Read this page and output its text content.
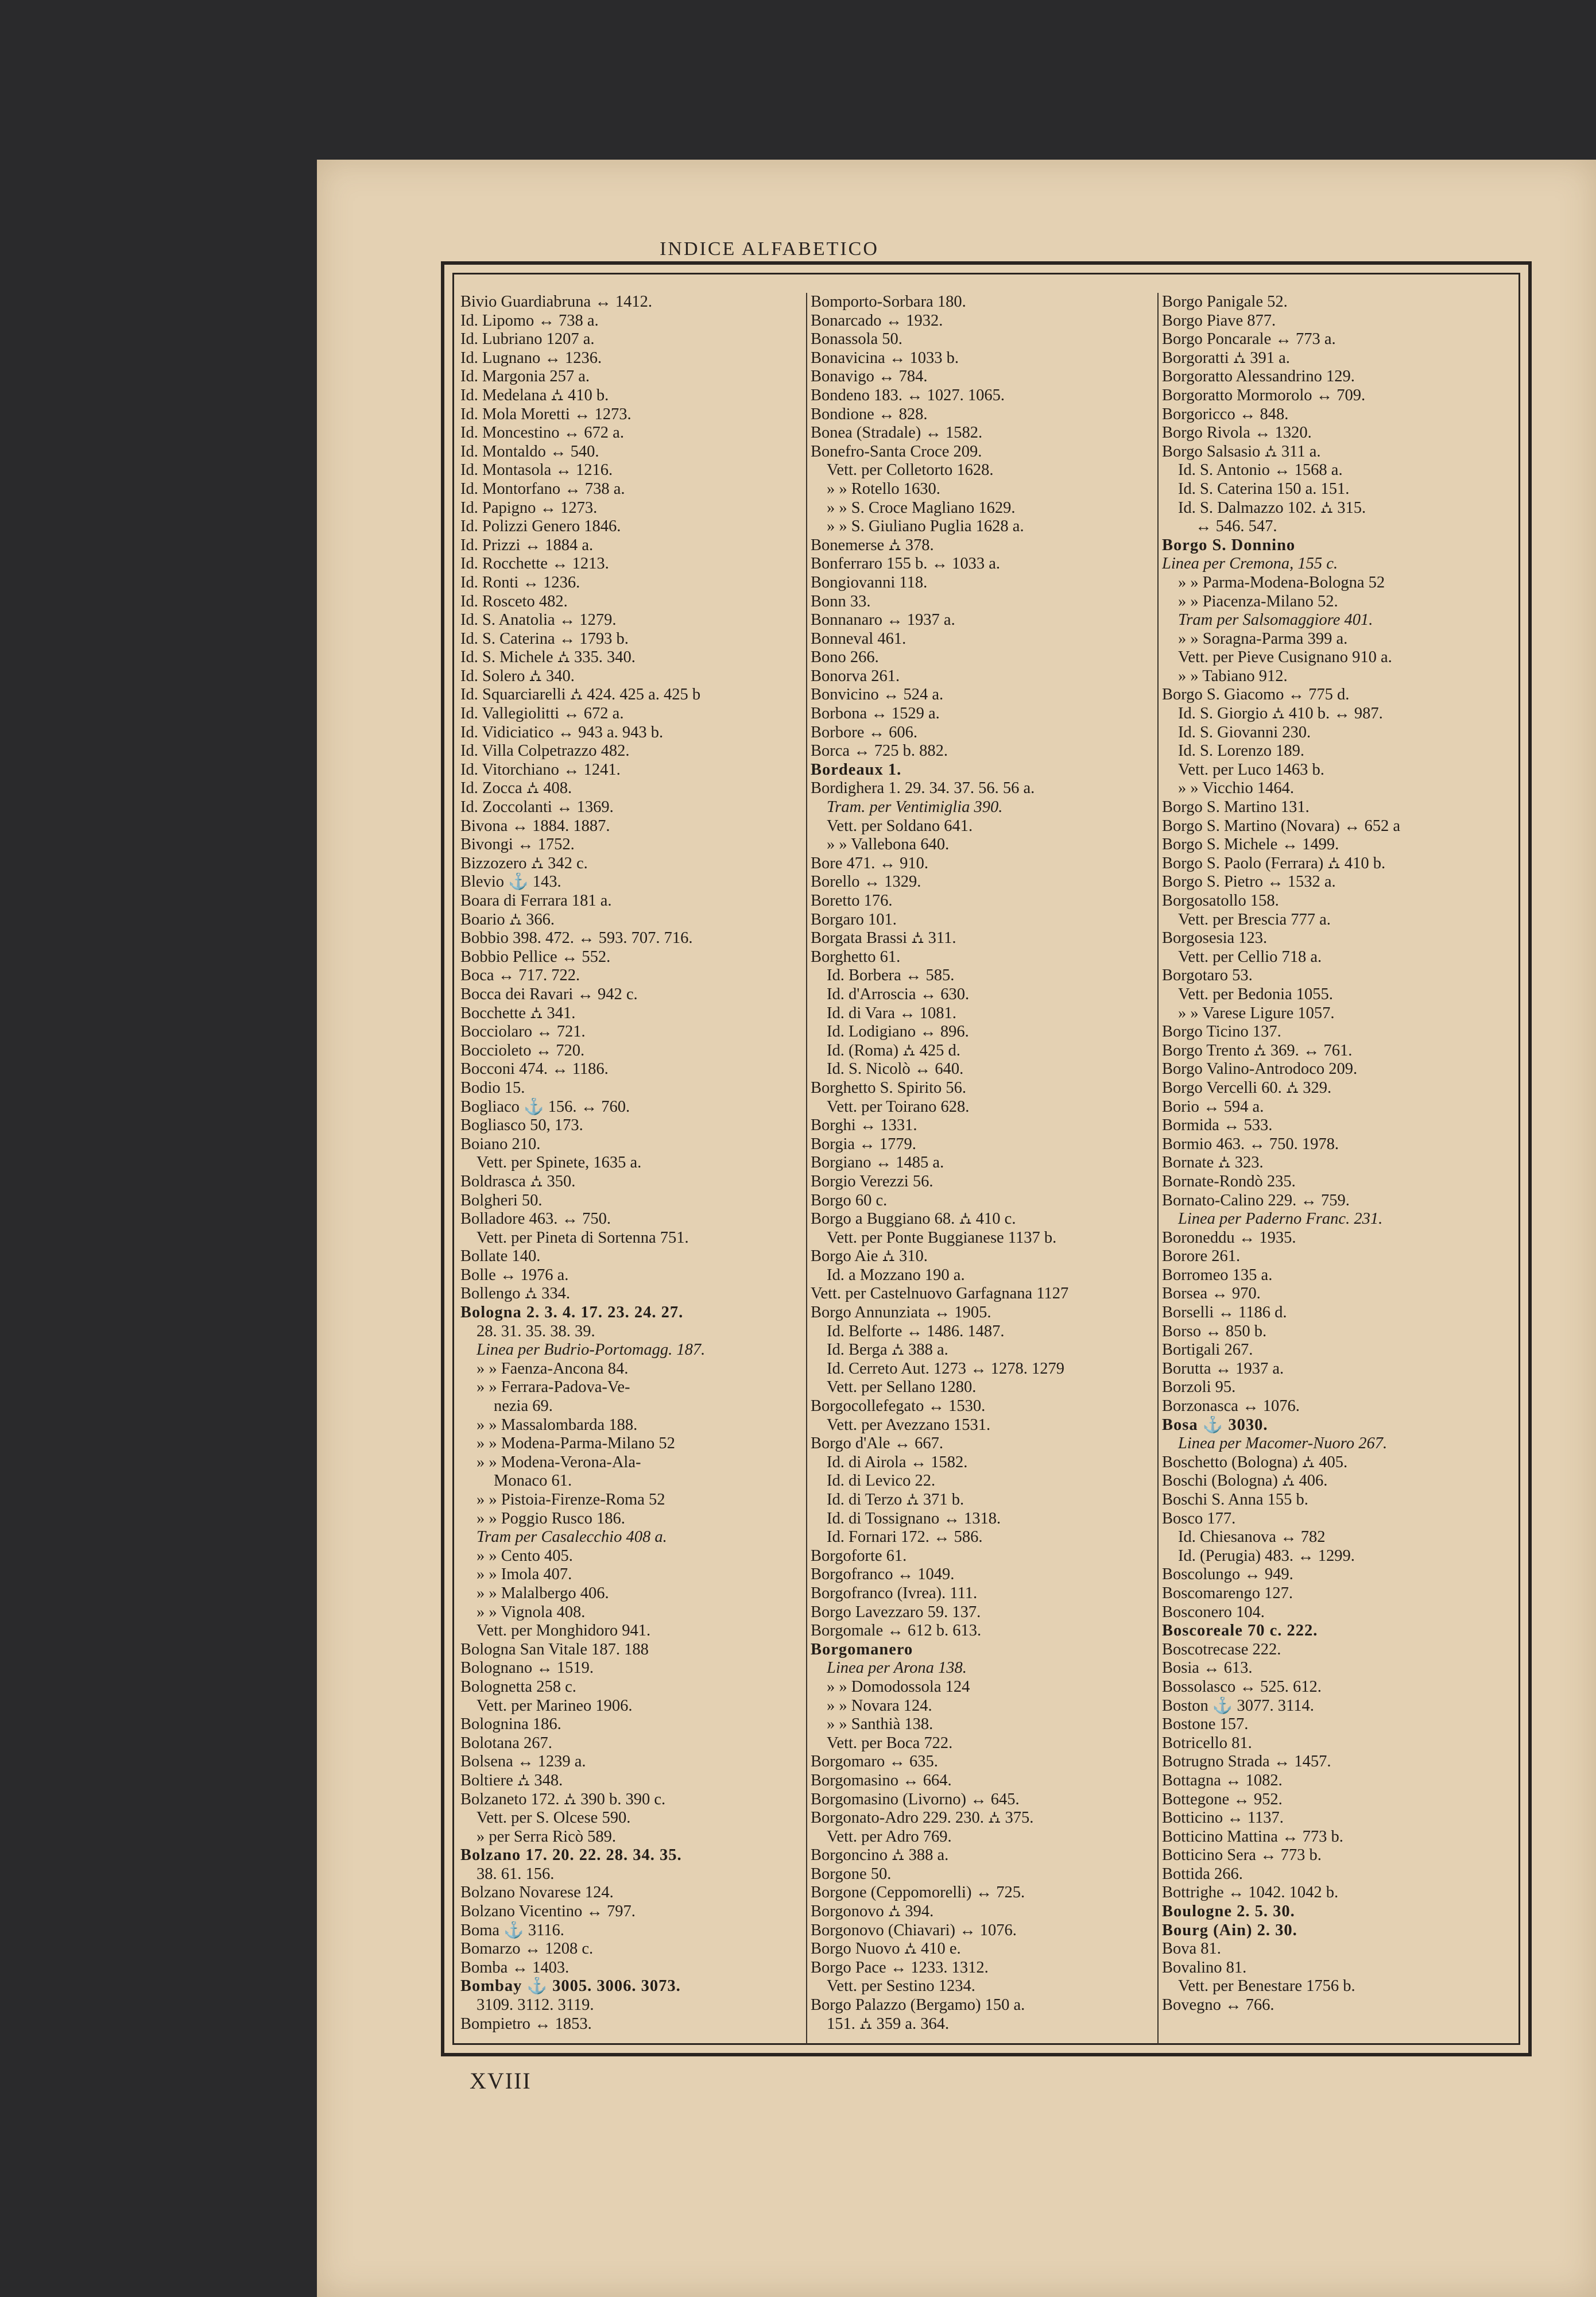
INDICE ALFABETICO
Bivio Guardiabruna ↔ 1412.
Id. Lipomo ↔ 738 a.
Id. Lubriano 1207 a.
Id. Lugnano ↔ 1236.
Id. Margonia 257 a.
Id. Medelana ⛼ 410 b.
Id. Mola Moretti ↔ 1273.
Id. Moncestino ↔ 672 a.
Id. Montaldo ↔ 540.
Id. Montasola ↔ 1216.
Id. Montorfano ↔ 738 a.
Id. Papigno ↔ 1273.
Id. Polizzi Genero 1846.
Id. Prizzi ↔ 1884 a.
Id. Rocchette ↔ 1213.
Id. Ronti ↔ 1236.
Id. Rosceto 482.
Id. S. Anatolia ↔ 1279.
Id. S. Caterina ↔ 1793 b.
Id. S. Michele ⛼ 335. 340.
Id. Solero ⛼ 340.
Id. Squarciarelli ⛼ 424. 425 a. 425 b
Id. Vallegiolitti ↔ 672 a.
Id. Vidiciatico ↔ 943 a. 943 b.
Id. Villa Colpetrazzo 482.
Id. Vitorchiano ↔ 1241.
Id. Zocca ⛼ 408.
Id. Zoccolanti ↔ 1369.
Bivona ↔ 1884. 1887.
Bivongi ↔ 1752.
Bizzozero ⛼ 342 c.
Blevio ⚓ 143.
Boara di Ferrara 181 a.
Boario ⛼ 366.
Bobbio 398. 472. ↔ 593. 707. 716.
Bobbio Pellice ↔ 552.
Boca ↔ 717. 722.
Bocca dei Ravari ↔ 942 c.
Bocchette ⛼ 341.
Bocciolaro ↔ 721.
Boccioleto ↔ 720.
Bocconi 474. ↔ 1186.
Bodio 15.
Bogliaco ⚓ 156. ↔ 760.
Bogliasco 50, 173.
Boiano 210.
Vett. per Spinete, 1635 a.
Boldrasca ⛼ 350.
Bolgheri 50.
Bolladore 463. ↔ 750.
Vett. per Pineta di Sortenna 751.
Bollate 140.
Bolle ↔ 1976 a.
Bollengo ⛼ 334.
Bologna 2. 3. 4. 17. 23. 24. 27.
28. 31. 35. 38. 39.
Linea per Budrio-Portomagg. 187.
» » Faenza-Ancona 84.
» » Ferrara-Padova-Ve-
nezia 69.
» » Massalombarda 188.
» » Modena-Parma-Milano 52
» » Modena-Verona-Ala-
Monaco 61.
» » Pistoia-Firenze-Roma 52
» » Poggio Rusco 186.
Tram per Casalecchio 408 a.
» » Cento 405.
» » Imola 407.
» » Malalbergo 406.
» » Vignola 408.
Vett. per Monghidoro 941.
Bologna San Vitale 187. 188
Bolognano ↔ 1519.
Bolognetta 258 c.
Vett. per Marineo 1906.
Bolognina 186.
Bolotana 267.
Bolsena ↔ 1239 a.
Boltiere ⛼ 348.
Bolzaneto 172. ⛼ 390 b. 390 c.
Vett. per S. Olcese 590.
» per Serra Ricò 589.
Bolzano 17. 20. 22. 28. 34. 35.
38. 61. 156.
Bolzano Novarese 124.
Bolzano Vicentino ↔ 797.
Boma ⚓ 3116.
Bomarzo ↔ 1208 c.
Bomba ↔ 1403.
Bombay ⚓ 3005. 3006. 3073.
3109. 3112. 3119.
Bompietro ↔ 1853.
Bomporto-Sorbara 180.
Bonarcado ↔ 1932.
Bonassola 50.
Bonavicina ↔ 1033 b.
Bonavigo ↔ 784.
Bondeno 183. ↔ 1027. 1065.
Bondione ↔ 828.
Bonea (Stradale) ↔ 1582.
Bonefro-Santa Croce 209.
Vett. per Colletorto 1628.
» » Rotello 1630.
» » S. Croce Magliano 1629.
» » S. Giuliano Puglia 1628 a.
Bonemerse ⛼ 378.
Bonferraro 155 b. ↔ 1033 a.
Bongiovanni 118.
Bonn 33.
Bonnanaro ↔ 1937 a.
Bonneval 461.
Bono 266.
Bonorva 261.
Bonvicino ↔ 524 a.
Borbona ↔ 1529 a.
Borbore ↔ 606.
Borca ↔ 725 b. 882.
Bordeaux 1.
Bordighera 1. 29. 34. 37. 56. 56 a.
Tram. per Ventimiglia 390.
Vett. per Soldano 641.
» » Vallebona 640.
Bore 471. ↔ 910.
Borello ↔ 1329.
Boretto 176.
Borgaro 101.
Borgata Brassi ⛼ 311.
Borghetto 61.
Id. Borbera ↔ 585.
Id. d'Arroscia ↔ 630.
Id. di Vara ↔ 1081.
Id. Lodigiano ↔ 896.
Id. (Roma) ⛼ 425 d.
Id. S. Nicolò ↔ 640.
Borghetto S. Spirito 56.
Vett. per Toirano 628.
Borghi ↔ 1331.
Borgia ↔ 1779.
Borgiano ↔ 1485 a.
Borgio Verezzi 56.
Borgo 60 c.
Borgo a Buggiano 68. ⛼ 410 c.
Vett. per Ponte Buggianese 1137 b.
Borgo Aie ⛼ 310.
Id. a Mozzano 190 a.
Vett. per Castelnuovo Garfagnana 1127
Borgo Annunziata ↔ 1905.
Id. Belforte ↔ 1486. 1487.
Id. Berga ⛼ 388 a.
Id. Cerreto Aut. 1273 ↔ 1278. 1279
Vett. per Sellano 1280.
Borgocollefegato ↔ 1530.
Vett. per Avezzano 1531.
Borgo d'Ale ↔ 667.
Id. di Airola ↔ 1582.
Id. di Levico 22.
Id. di Terzo ⛼ 371 b.
Id. di Tossignano ↔ 1318.
Id. Fornari 172. ↔ 586.
Borgoforte 61.
Borgofranco ↔ 1049.
Borgofranco (Ivrea). 111.
Borgo Lavezzaro 59. 137.
Borgomale ↔ 612 b. 613.
Borgomanero
Linea per Arona 138.
» » Domodossola 124
» » Novara 124.
» » Santhià 138.
Vett. per Boca 722.
Borgomaro ↔ 635.
Borgomasino ↔ 664.
Borgomasino (Livorno) ↔ 645.
Borgonato-Adro 229. 230. ⛼ 375.
Vett. per Adro 769.
Borgoncino ⛼ 388 a.
Borgone 50.
Borgone (Ceppomorelli) ↔ 725.
Borgonovo ⛼ 394.
Borgonovo (Chiavari) ↔ 1076.
Borgo Nuovo ⛼ 410 e.
Borgo Pace ↔ 1233. 1312.
Vett. per Sestino 1234.
Borgo Palazzo (Bergamo) 150 a.
151. ⛼ 359 a. 364.
Borgo Panigale 52.
Borgo Piave 877.
Borgo Poncarale ↔ 773 a.
Borgoratti ⛼ 391 a.
Borgoratto Alessandrino 129.
Borgoratto Mormorolo ↔ 709.
Borgoricco ↔ 848.
Borgo Rivola ↔ 1320.
Borgo Salsasio ⛼ 311 a.
Id. S. Antonio ↔ 1568 a.
Id. S. Caterina 150 a. 151.
Id. S. Dalmazzo 102. ⛼ 315.
↔ 546. 547.
Borgo S. Donnino
Linea per Cremona, 155 c.
» » Parma-Modena-Bologna 52
» » Piacenza-Milano 52.
Tram per Salsomaggiore 401.
» » Soragna-Parma 399 a.
Vett. per Pieve Cusignano 910 a.
» » Tabiano 912.
Borgo S. Giacomo ↔ 775 d.
Id. S. Giorgio ⛼ 410 b. ↔ 987.
Id. S. Giovanni 230.
Id. S. Lorenzo 189.
Vett. per Luco 1463 b.
» » Vicchio 1464.
Borgo S. Martino 131.
Borgo S. Martino (Novara) ↔ 652 a
Borgo S. Michele ↔ 1499.
Borgo S. Paolo (Ferrara) ⛼ 410 b.
Borgo S. Pietro ↔ 1532 a.
Borgosatollo 158.
Vett. per Brescia 777 a.
Borgosesia 123.
Vett. per Cellio 718 a.
Borgotaro 53.
Vett. per Bedonia 1055.
» » Varese Ligure 1057.
Borgo Ticino 137.
Borgo Trento ⛼ 369. ↔ 761.
Borgo Valino-Antrodoco 209.
Borgo Vercelli 60. ⛼ 329.
Borio ↔ 594 a.
Bormida ↔ 533.
Bormio 463. ↔ 750. 1978.
Bornate ⛼ 323.
Bornate-Rondò 235.
Bornato-Calino 229. ↔ 759.
Linea per Paderno Franc. 231.
Boroneddu ↔ 1935.
Borore 261.
Borromeo 135 a.
Borsea ↔ 970.
Borselli ↔ 1186 d.
Borso ↔ 850 b.
Bortigali 267.
Borutta ↔ 1937 a.
Borzoli 95.
Borzonasca ↔ 1076.
Bosa ⚓ 3030.
Linea per Macomer-Nuoro 267.
Boschetto (Bologna) ⛼ 405.
Boschi (Bologna) ⛼ 406.
Boschi S. Anna 155 b.
Bosco 177.
Id. Chiesanova ↔ 782
Id. (Perugia) 483. ↔ 1299.
Boscolungo ↔ 949.
Boscomarengo 127.
Bosconero 104.
Boscoreale 70 c. 222.
Boscotrecase 222.
Bosia ↔ 613.
Bossolasco ↔ 525. 612.
Boston ⚓ 3077. 3114.
Bostone 157.
Botricello 81.
Botrugno Strada ↔ 1457.
Bottagna ↔ 1082.
Bottegone ↔ 952.
Botticino ↔ 1137.
Botticino Mattina ↔ 773 b.
Botticino Sera ↔ 773 b.
Bottida 266.
Bottrighe ↔ 1042. 1042 b.
Boulogne 2. 5. 30.
Bourg (Ain) 2. 30.
Bova 81.
Bovalino 81.
Vett. per Benestare 1756 b.
Bovegno ↔ 766.
XVIII
